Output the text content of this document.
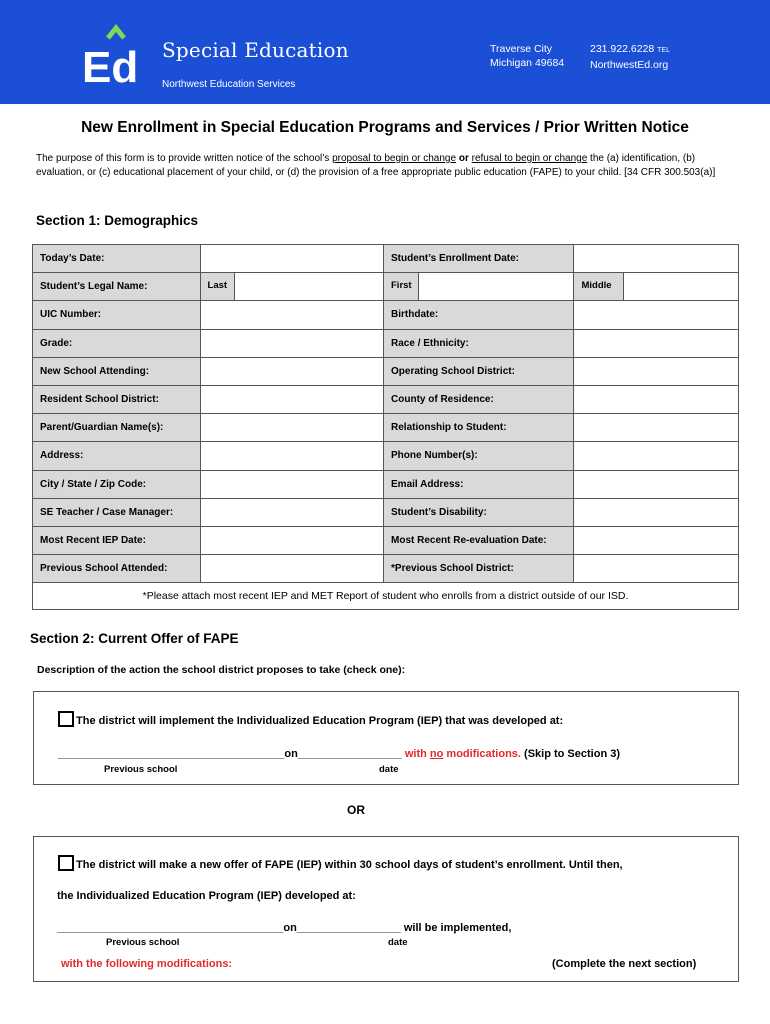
Ed Special Education
Northwest Education Services
Traverse City
Michigan 49684
231.922.6228 TEL
NorthwestEd.org
New Enrollment in Special Education Programs and Services / Prior Written Notice
The purpose of this form is to provide written notice of the school’s proposal to begin or change or refusal to begin or change the (a) identification, (b) evaluation, or (c) educational placement of your child, or (d) the provision of a free appropriate public education (FAPE) to your child. [34 CFR 300.503(a)]
Section 1: Demographics
Today’s Date:	Student’s Enrollment Date:
Student’s Legal Name:	Last	First	Middle
UIC Number:	Birthdate:
Grade:	Race / Ethnicity:
New School Attending:	Operating School District:
Resident School District:	County of Residence:
Parent/Guardian Name(s):	Relationship to Student:
Address:	Phone Number(s):
City / State / Zip Code:	Email Address:
SE Teacher / Case Manager:	Student’s Disability:
Most Recent IEP Date:	Most Recent Re-evaluation Date:
Previous School Attended:	*Previous School District:
*Please attach most recent IEP and MET Report of student who enrolls from a district outside of our ISD.
Section 2: Current Offer of FAPE
Description of the action the school district proposes to take (check one):
The district will implement the Individualized Education Program (IEP) that was developed at:
_____________________________________on_________________ with no modifications. (Skip to Section 3)
Previous school	date
OR
The district will make a new offer of FAPE (IEP) within 30 school days of student’s enrollment. Until then,
the Individualized Education Program (IEP) developed at:
_____________________________________on_________________ will be implemented,
Previous school	date
with the following modifications:	(Complete the next section)
